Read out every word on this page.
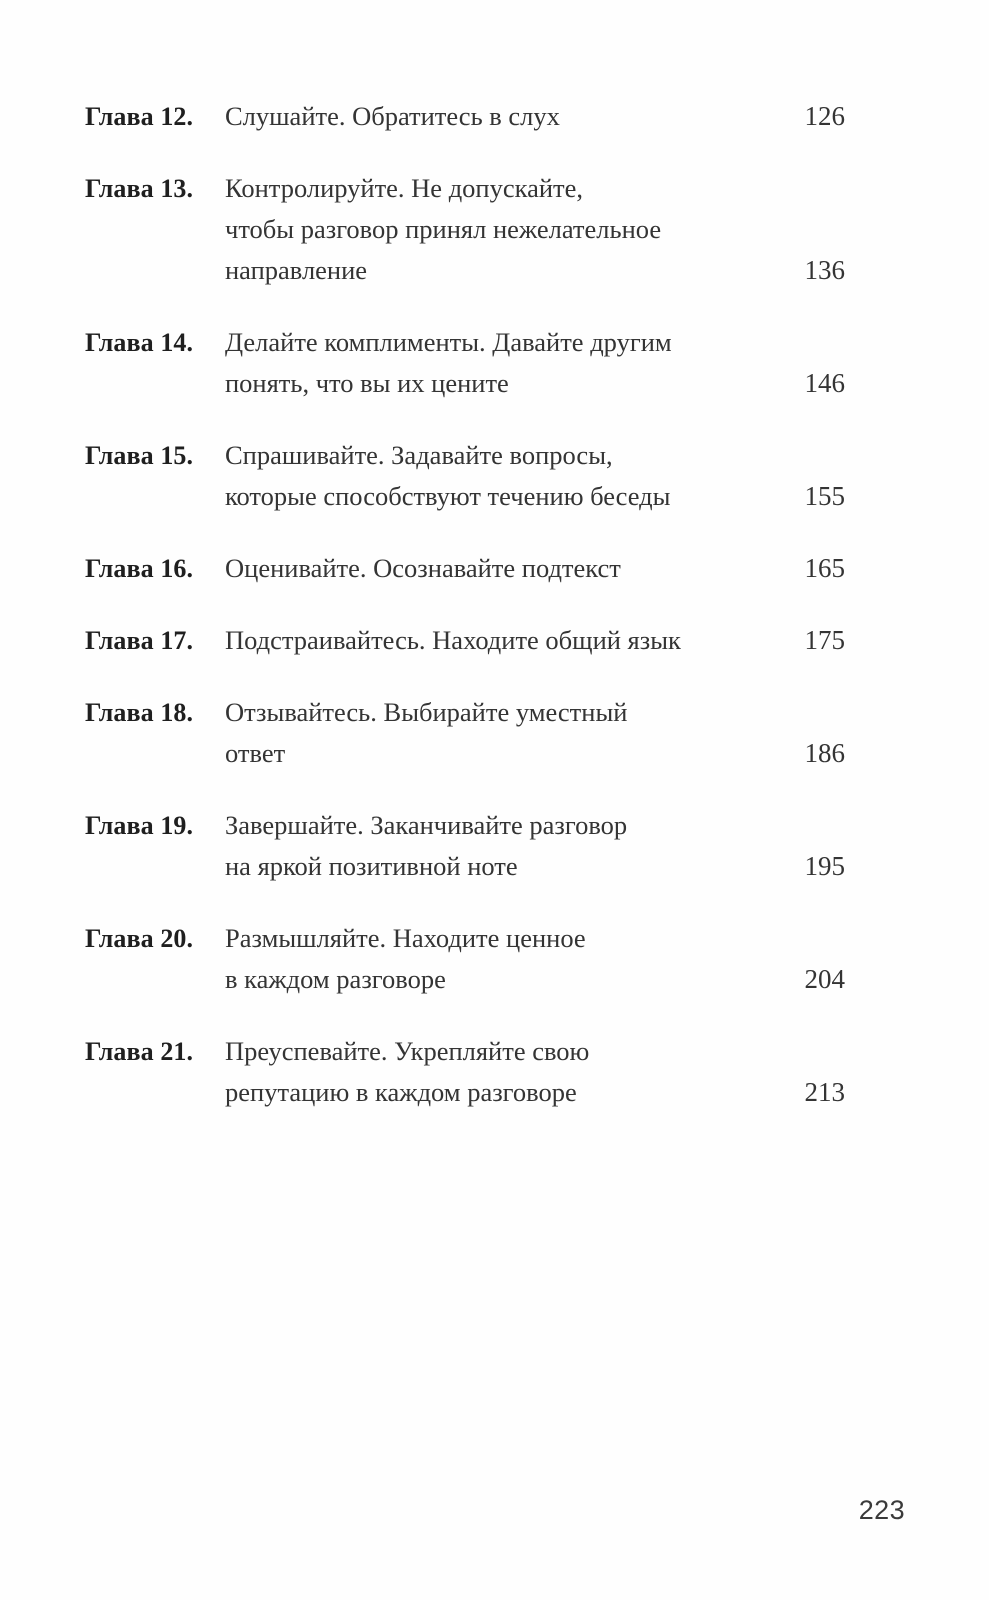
Глава 12.	Слушайте. Обратитесь в слух . . .	126
Глава 13.	Контролируйте. Не допускайте,
чтобы разговор принял нежелательное
направление . . .	136
Глава 14.	Делайте комплименты. Давайте другим
понять, что вы их цените . . .	146
Глава 15.	Спрашивайте. Задавайте вопросы,
которые способствуют течению беседы . . .	155
Глава 16.	Оценивайте. Осознавайте подтекст . . .	165
Глава 17.	Подстраивайтесь. Находите общий язык . . .	175
Глава 18.	Отзывайтесь. Выбирайте уместный
ответ . . .	186
Глава 19.	Завершайте. Заканчивайте разговор
на яркой позитивной ноте . . .	195
Глава 20.	Размышляйте. Находите ценное
в каждом разговоре . . .	204
Глава 21.	Преуспевайте. Укрепляйте свою
репутацию в каждом разговоре . . .	213
223
